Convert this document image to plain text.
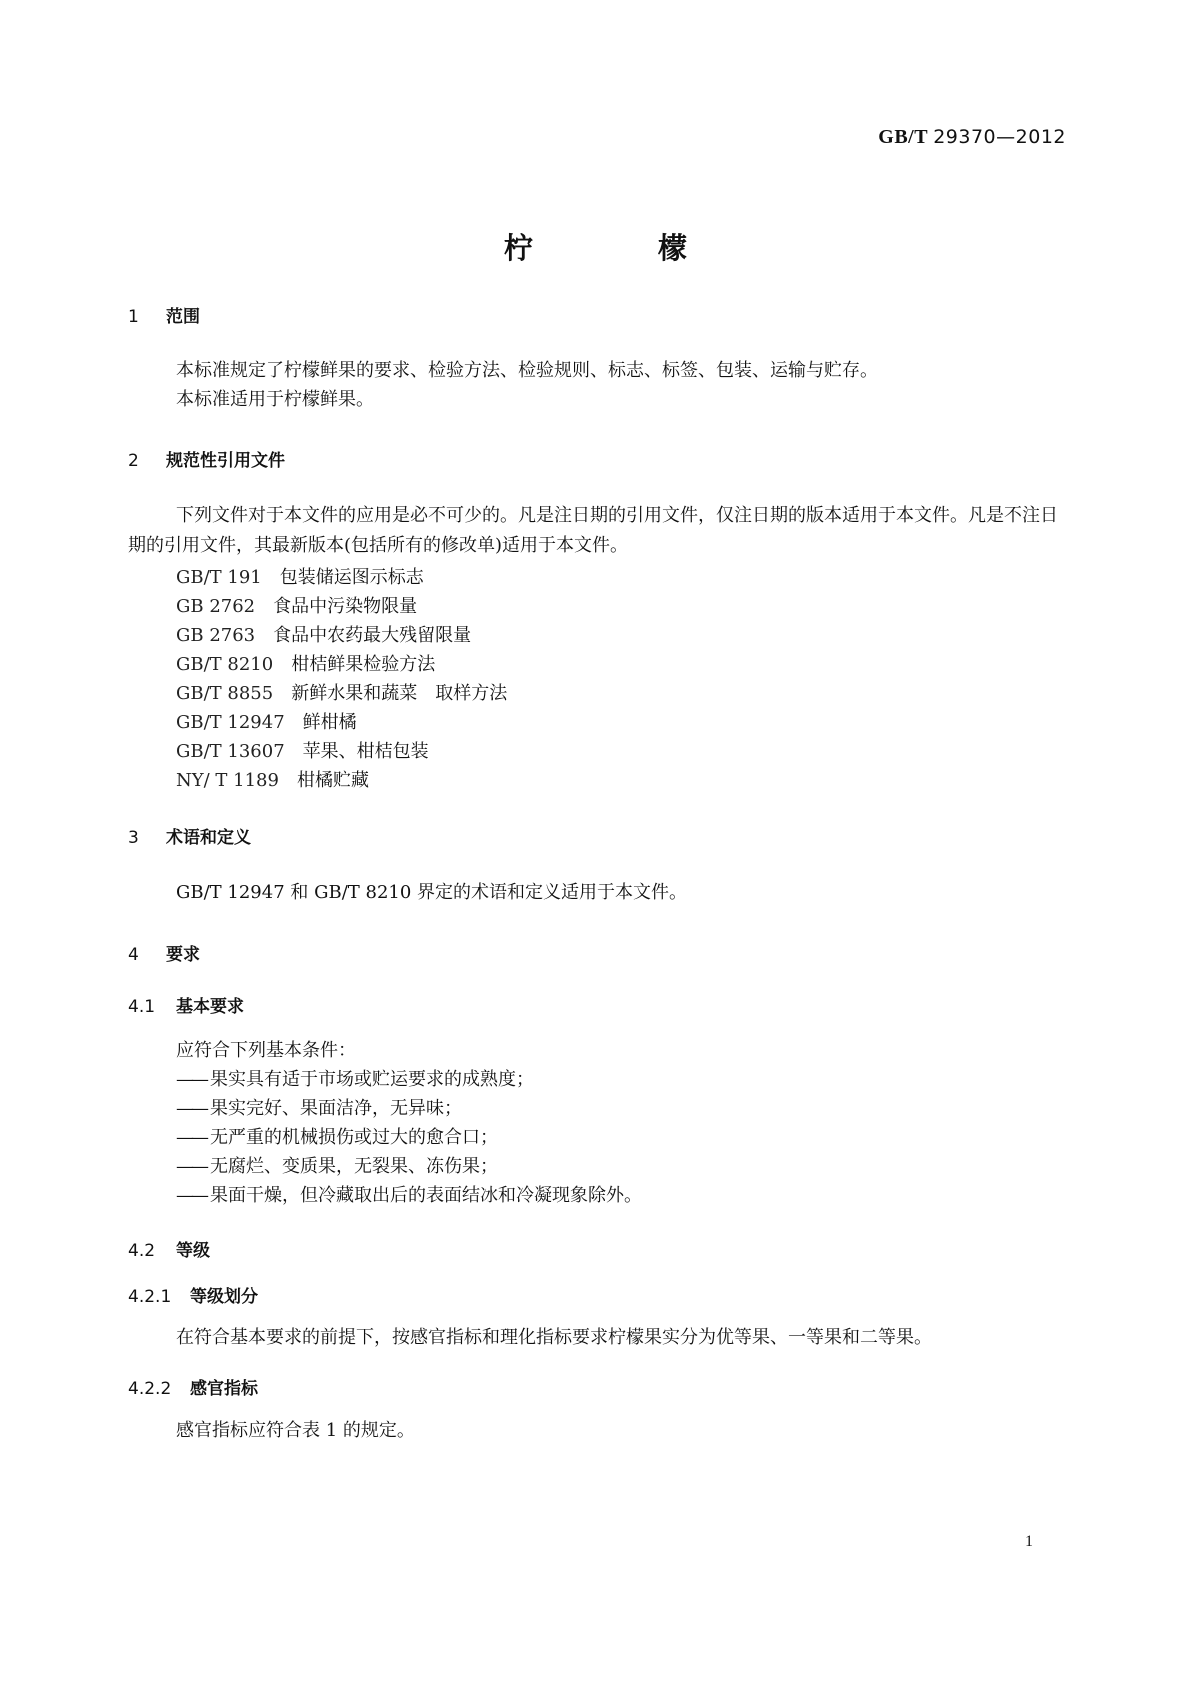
GB/T 29370—2012
柠 檬
1 范围
本标准规定了柠檬鲜果的要求、检验方法、检验规则、标志、标签、包装、运输与贮存。
本标准适用于柠檬鲜果。
2 规范性引用文件
下列文件对于本文件的应用是必不可少的。凡是注日期的引用文件，仅注日期的版本适用于本文件。凡是不注日期的引用文件，其最新版本(包括所有的修改单)适用于本文件。
GB/T 191 包装储运图示标志
GB 2762 食品中污染物限量
GB 2763 食品中农药最大残留限量
GB/T 8210 柑桔鲜果检验方法
GB/T 8855 新鲜水果和蔬菜　取样方法
GB/T 12947 鲜柑橘
GB/T 13607 苹果、柑桔包装
NY/ T 1189 柑橘贮藏
3 术语和定义
GB/T 12947 和 GB/T 8210 界定的术语和定义适用于本文件。
4 要求
4.1 基本要求
应符合下列基本条件：
—— 果实具有适于市场或贮运要求的成熟度；
—— 果实完好、果面洁净，无异味；
—— 无严重的机械损伤或过大的愈合口；
—— 无腐烂、变质果，无裂果、冻伤果；
—— 果面干燥，但冷藏取出后的表面结冰和冷凝现象除外。
4.2 等级
4.2.1 等级划分
在符合基本要求的前提下，按感官指标和理化指标要求柠檬果实分为优等果、一等果和二等果。
4.2.2 感官指标
感官指标应符合表 1 的规定。
1
